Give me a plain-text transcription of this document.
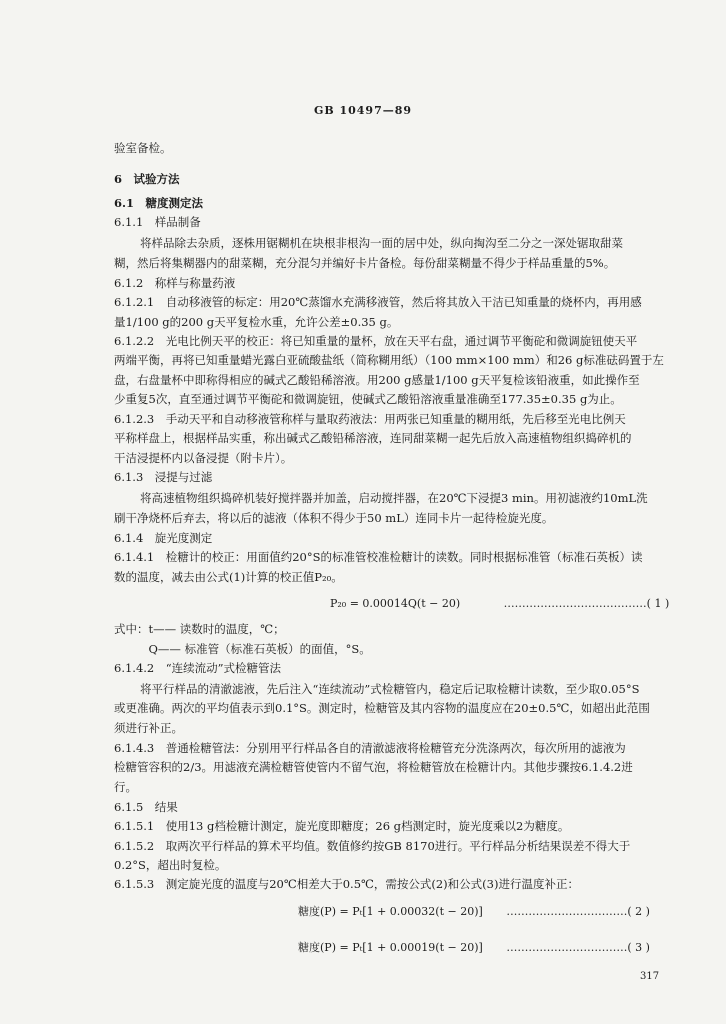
GB 10497—89
验室备检。
6　试验方法
6.1　糖度测定法
6.1.1　样品制备
将样品除去杂质，逐株用锯糊机在块根非根沟一面的居中处，纵向掏沟至二分之一深处锯取甜菜
糊，然后将集糊器内的甜菜糊，充分混匀并编好卡片备检。每份甜菜糊量不得少于样品重量的5%。
6.1.2　称样与称量药液
6.1.2.1　自动移液管的标定：用20℃蒸馏水充满移液管，然后将其放入干洁已知重量的烧杯内，再用感
量1/100 g的200 g天平复检水重，允许公差±0.35 g。
6.1.2.2　光电比例天平的校正：将已知重量的量杯，放在天平右盘，通过调节平衡砣和微调旋钮使天平
两端平衡，再将已知重量蜡光露白亚硫酸盐纸（简称糊用纸）（100 mm×100 mm）和26 g标准砝码置于左
盘，右盘量杯中即称得相应的碱式乙酸铅稀溶液。用200 g感量1/100 g天平复检该铅液重，如此操作至
少重复5次，直至通过调节平衡砣和微调旋钮，使碱式乙酸铅溶液重量准确至177.35±0.35 g为止。
6.1.2.3　手动天平和自动移液管称样与量取药液法：用两张已知重量的糊用纸，先后移至光电比例天
平称样盘上，根据样品实重，称出碱式乙酸铅稀溶液，连同甜菜糊一起先后放入高速植物组织捣碎机的
干洁浸提杯内以备浸提（附卡片）。
6.1.3　浸提与过滤
将高速植物组织捣碎机装好搅拌器并加盖，启动搅拌器，在20℃下浸提3 min。用初滤液约10mL洗
刷干净烧杯后弃去，将以后的滤液（体积不得少于50 mL）连同卡片一起待检旋光度。
6.1.4　旋光度测定
6.1.4.1　检糖计的校正：用面值约20°S的标准管校准检糖计的读数。同时根据标准管（标准石英板）读
数的温度，减去由公式(1)计算的校正值P₂₀。
式中：t—— 读数时的温度，℃；
　　　Q—— 标准管（标准石英板）的面值，°S。
6.1.4.2　“连续流动”式检糖管法
将平行样品的清澈滤液，先后注入“连续流动”式检糖管内，稳定后记取检糖计读数，至少取0.05°S
或更准确。两次的平均值表示到0.1°S。测定时，检糖管及其内容物的温度应在20±0.5℃，如超出此范围
须进行补正。
6.1.4.3　普通检糖管法：分别用平行样品各自的清澈滤液将检糖管充分洗涤两次，每次所用的滤液为
检糖管容积的2/3。用滤液充满检糖管使管内不留气泡，将检糖管放在检糖计内。其他步骤按6.1.4.2进
行。
6.1.5　结果
6.1.5.1　使用13 g档检糖计测定，旋光度即糖度；26 g档测定时，旋光度乘以2为糖度。
6.1.5.2　取两次平行样品的算术平均值。数值修约按GB 8170进行。平行样品分析结果误差不得大于
0.2°S，超出时复检。
6.1.5.3　测定旋光度的温度与20℃相差大于0.5℃，需按公式(2)和公式(3)进行温度补正：
P₂₀ = 0.00014Q(t − 20)	…………………………………( 1 )
糖度(P) = Pₜ[1 + 0.00032(t − 20)] ……………………………( 2 )
糖度(P) = Pₜ[1 + 0.00019(t − 20)] ……………………………( 3 )
317
